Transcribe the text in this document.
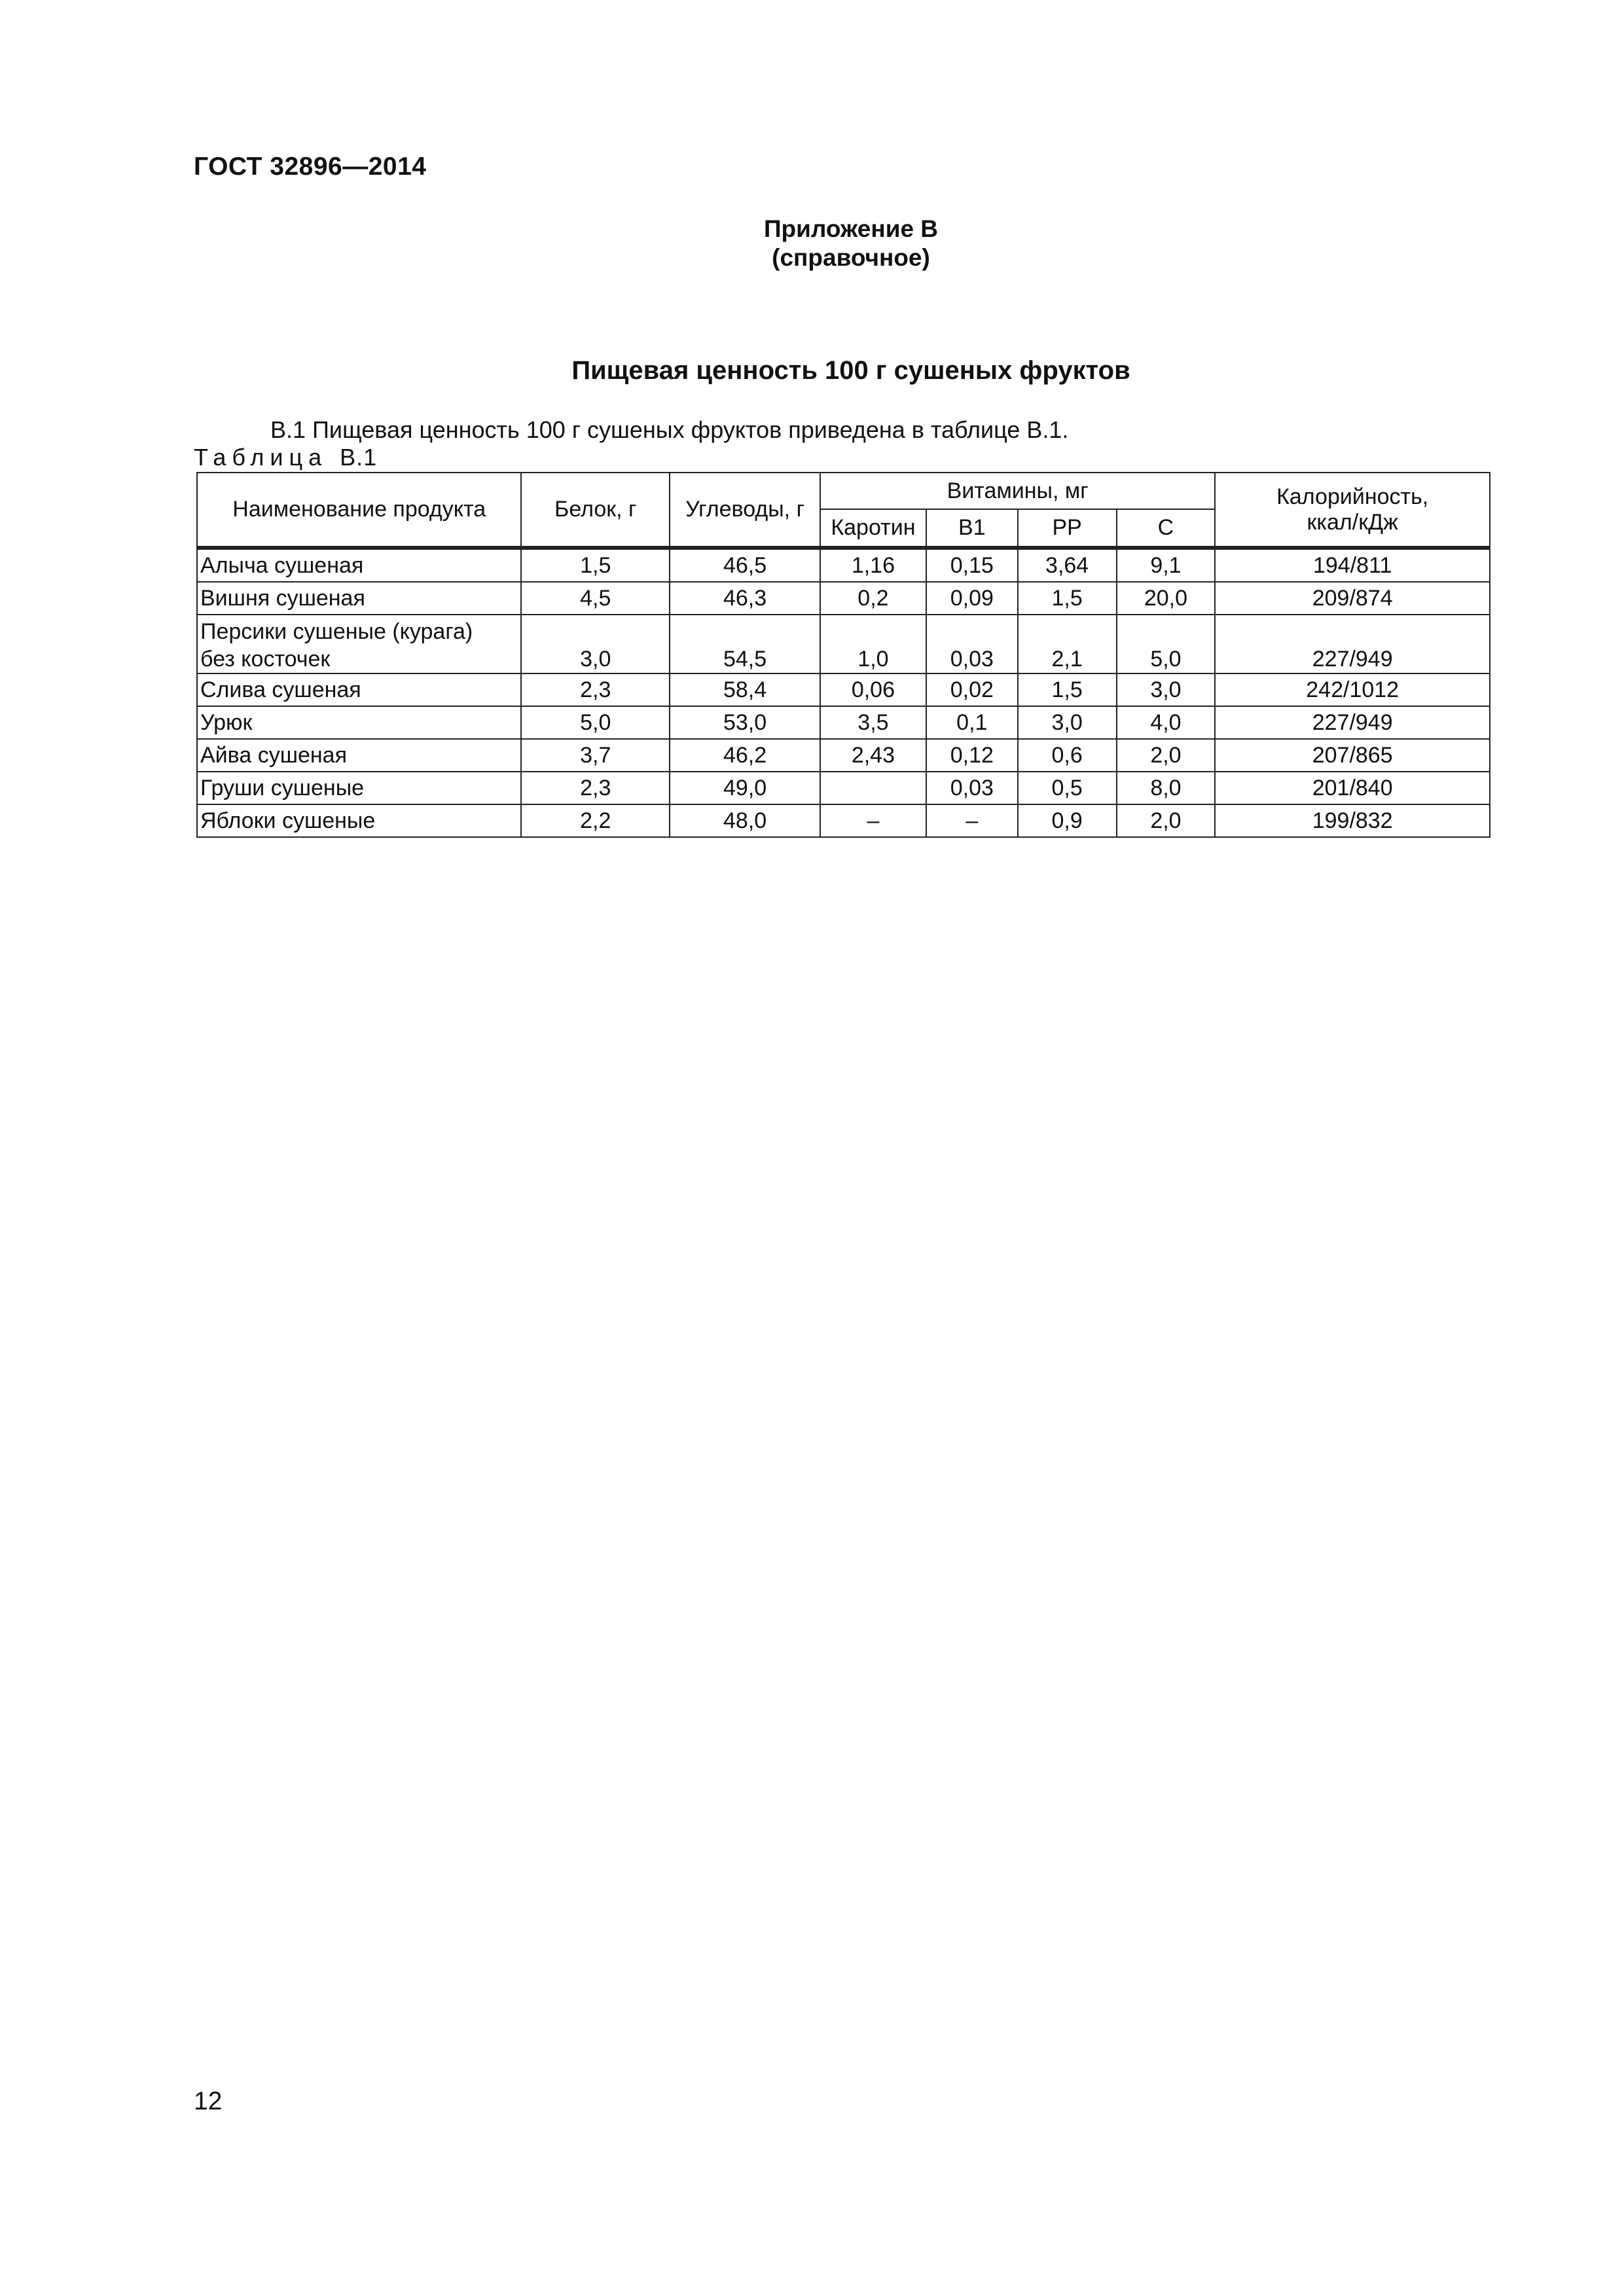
ГОСТ 32896—2014
Приложение В
(справочное)
Пищевая ценность 100 г сушеных фруктов
В.1 Пищевая ценность 100 г сушеных фруктов приведена в таблице В.1.
Таблица В.1
Наименование продукта	Белок, г	Углеводы, г	Витамины, мг				Калорийность,
ккал/кДж

			Каротин	В1	РР	С	
Алыча сушеная	1,5	46,5	1,16	0,15	3,64	9,1	194/811
Вишня сушеная	4,5	46,3	0,2	0,09	1,5	20,0	209/874

Персики сушеные (курага)
без косточек	3,0	54,5	1,0	0,03	2,1	5,0	227/949
Слива сушеная	2,3	58,4	0,06	0,02	1,5	3,0	242/1012
Урюк	5,0	53,0	3,5	0,1	3,0	4,0	227/949
Айва сушеная	3,7	46,2	2,43	0,12	0,6	2,0	207/865
Груши сушеные	2,3	49,0		0,03	0,5	8,0	201/840
Яблоки сушеные	2,2	48,0	–	–	0,9	2,0	199/832
12
